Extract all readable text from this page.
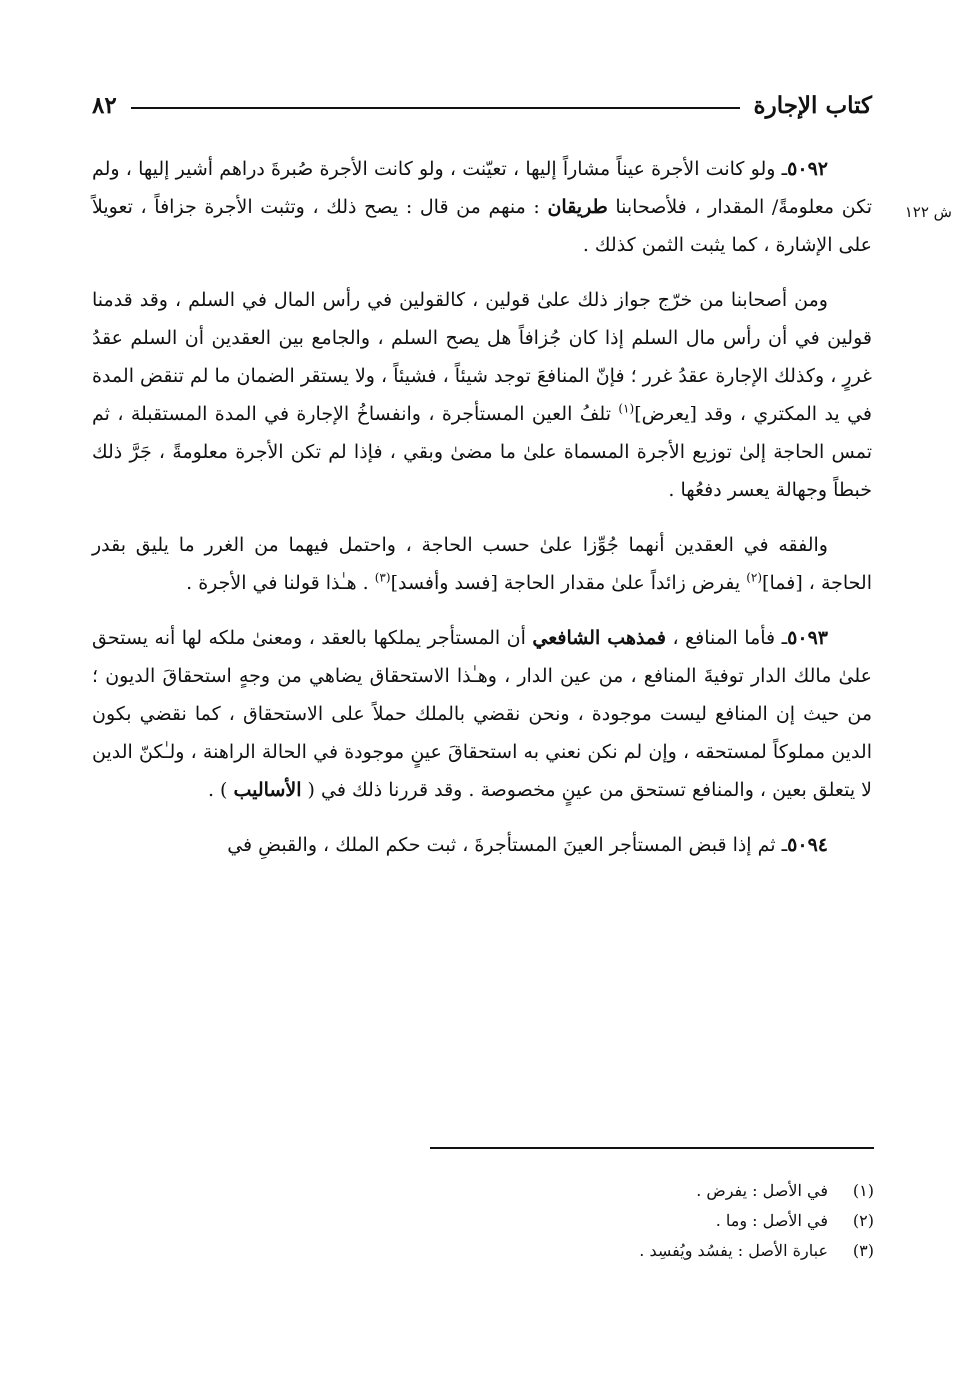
كتاب الإجارة
٨٢
ش ١٢٢

٥٠٩٢ـ ولو كانت الأجرة عيناً مشاراً إليها ، تعيّنت ، ولو كانت الأجرة صُبرةَ دراهم أشير إليها ، ولم تكن معلومةً/ المقدار ، فلأصحابنا طريقان : منهم من قال : يصح ذلك ، وتثبت الأجرة جزافاً ، تعويلاً على الإشارة ، كما يثبت الثمن كذلك .

ومن أصحابنا من خرّج جواز ذلك علىٰ قولين ، كالقولين في رأس المال في السلم ، وقد قدمنا قولين في أن رأس مال السلم إذا كان جُزافاً هل يصح السلم ، والجامع بين العقدين أن السلم عقدُ غررٍ ، وكذلك الإجارة عقدُ غرر ؛ فإنّ المنافعَ توجد شيئاً ، فشيئاً ، ولا يستقر الضمان ما لم تنقض المدة في يد المكتري ، وقد [يعرض]$^{(١)}$ تلفُ العين المستأجرة ، وانفساخُ الإجارة في المدة المستقبلة ، ثم تمس الحاجة إلىٰ توزيع الأجرة المسماة علىٰ ما مضىٰ وبقي ، فإذا لم تكن الأجرة معلومةً ، جَرَّ ذلك خبطاً وجهالة يعسر دفعُها .

والفقه في العقدين أنهما جُوِّزا علىٰ حسب الحاجة ، واحتمل فيهما من الغرر ما يليق بقدر الحاجة ، [فما]$^{(٢)}$ يفرض زائداً علىٰ مقدار الحاجة [فسد وأفسد]$^{(٣)}$ . هـٰذا قولنا في الأجرة .

٥٠٩٣ـ فأما المنافع ، فمذهب الشافعي أن المستأجر يملكها بالعقد ، ومعنىٰ ملكه لها أنه يستحق علىٰ مالك الدار توفيةَ المنافع ، من عين الدار ، وهـٰذا الاستحقاق يضاهي من وجهٍ استحقاقَ الديون ؛ من حيث إن المنافع ليست موجودة ، ونحن نقضي بالملك حملاً على الاستحقاق ، كما نقضي بكون الدين مملوكاً لمستحقه ، وإن لم نكن نعني به استحقاقَ عينٍ موجودة في الحالة الراهنة ، ولـٰكنّ الدين لا يتعلق بعين ، والمنافع تستحق من عينٍ مخصوصة . وقد قررنا ذلك في ( الأساليب ) .

٥٠٩٤ـ ثم إذا قبض المستأجر العينَ المستأجرةَ ، ثبت حكم الملك ، والقبضِ في

(١)
في الأصل : يفرض .
(٢)
في الأصل : وما .
(٣)
عبارة الأصل : يفسُد ويُفسِد .
